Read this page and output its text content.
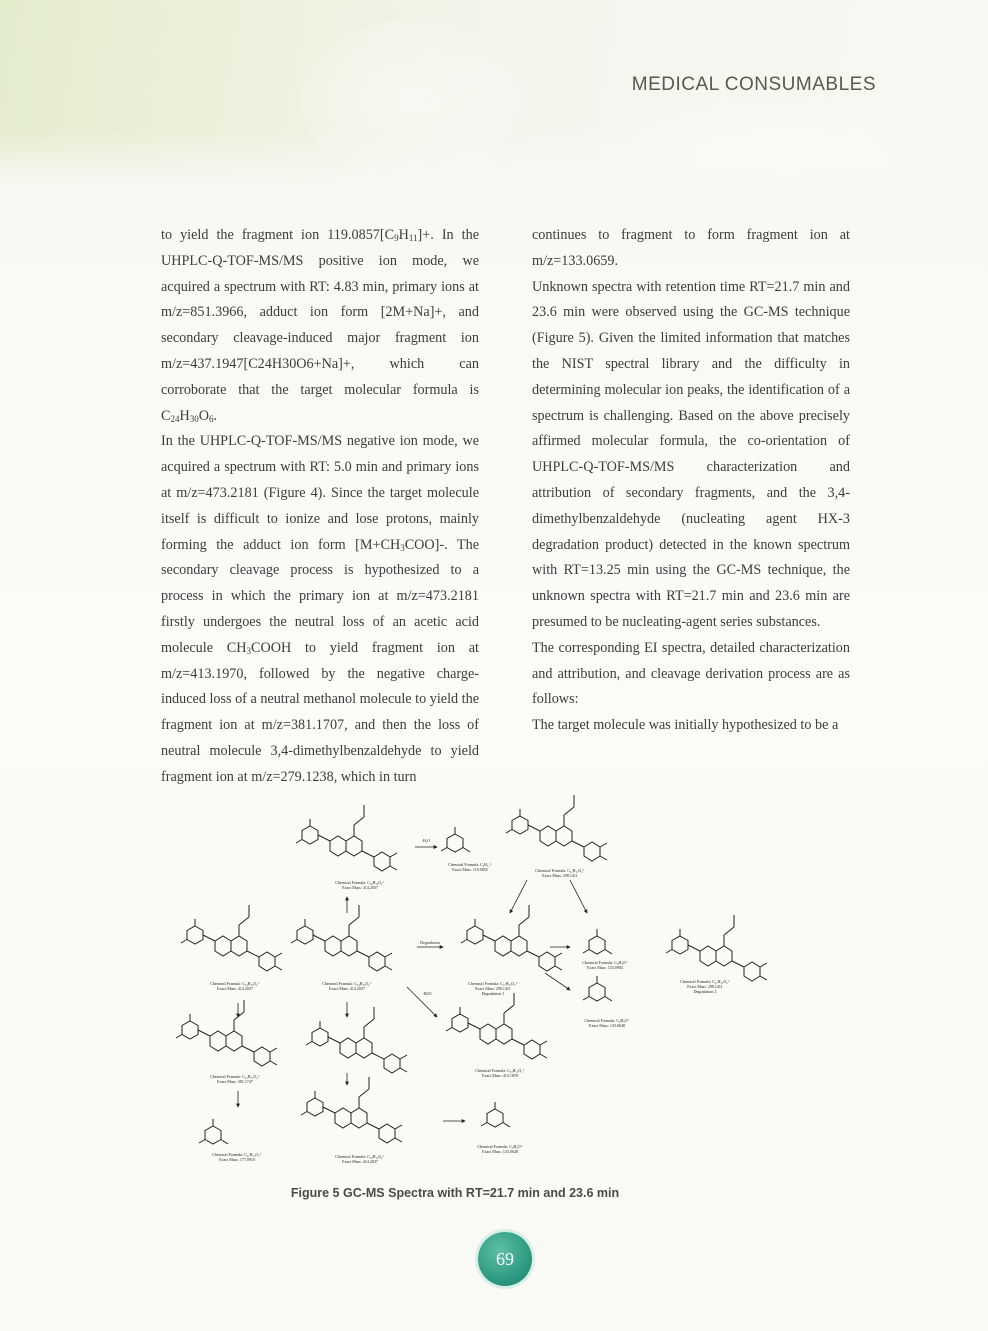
MEDICAL CONSUMABLES

to yield the fragment ion $119.0857[C_9H_{11}]+$. In the UHPLC-Q-TOF-MS/MS positive ion mode, we acquired a spectrum with RT: 4.83 min, primary ions at m/z=851.3966, adduct ion form [2M+Na]+, and secondary cleavage-induced major fragment ion m/z=437.1947[C24H30O6+Na]+, which can corroborate that the target molecular formula is $C_{24}H_{30}O_6$.

In the UHPLC-Q-TOF-MS/MS negative ion mode, we acquired a spectrum with RT: 5.0 min and primary ions at m/z=473.2181 (Figure 4). Since the target molecule itself is difficult to ionize and lose protons, mainly forming the adduct ion form $[M+CH_3COO]-$. The secondary cleavage process is hypothesized to a process in which the primary ion at m/z=473.2181 firstly undergoes the neutral loss of an acetic acid molecule $CH_3COOH$ to yield fragment ion at m/z=413.1970, followed by the negative charge-induced loss of a neutral methanol molecule to yield the fragment ion at m/z=381.1707, and then the loss of neutral molecule 3,4-dimethylbenzaldehyde to yield fragment ion at m/z=279.1238, which in turn

continues to fragment to form fragment ion at m/z=133.0659.

Unknown spectra with retention time RT=21.7 min and 23.6 min were observed using the GC-MS technique (Figure 5). Given the limited information that matches the NIST spectral library and the difficulty in determining molecular ion peaks, the identification of a spectrum is challenging. Based on the above precisely affirmed molecular formula, the co-orientation of UHPLC-Q-TOF-MS/MS characterization and attribution of secondary fragments, and the 3,4-dimethylbenzaldehyde (nucleating agent HX-3 degradation product) detected in the known spectrum with RT=13.25 min using the GC-MS technique, the unknown spectra with RT=21.7 min and 23.6 min are presumed to be nucleating-agent series substances.

The corresponding EI spectra, detailed characterization and attribution, and cleavage derivation process are as follows:

The target molecule was initially hypothesized to be a

Chemical Formula: C₂₄H₃₀O₆⁺
Exact Mass: 414.2037
Chemical Formula: C₉H₁₁⁺
Exact Mass: 119.0855	Chemical Formula: C₁₅H₂₂O₆⁺
Exact Mass: 298.1411
Chemical Formula: C₂₄H₃₀O₆⁺
Exact Mass: 414.2037
Chemical Formula: C₂₄H₃₀O₆⁺
Exact Mass: 414.2037
Chemical Formula: C₁₅H₂₂O₆⁺
Exact Mass: 298.1411
Degradation 1
Chemical Formula: C₉H₉O⁺
Exact Mass: 133.0984
Chemical Formula: C₁₅H₂₂O₆⁺
Exact Mass: 298.1411
Degradation 2
Chemical Formula: C₉H₉O⁺
Exact Mass: 133.0648
Chemical Formula: C₂₃H₂₇O₄⁺
Exact Mass: 381.1747
Chemical Formula: C₂₃H₂₇O₅⁺
Exact Mass: 413.1859
Chemical Formula: C₁₁H₁₃O₂⁺
Exact Mass: 177.0910
Chemical Formula: C₂₄H₃₀O₆⁺
Exact Mass: 414.2037
Chemical Formula: C₉H₉O⁺
Exact Mass: 133.0648
Degradation
-H₂O
-H2O
Figure 5 GC-MS Spectra with RT=21.7 min and 23.6 min
69
